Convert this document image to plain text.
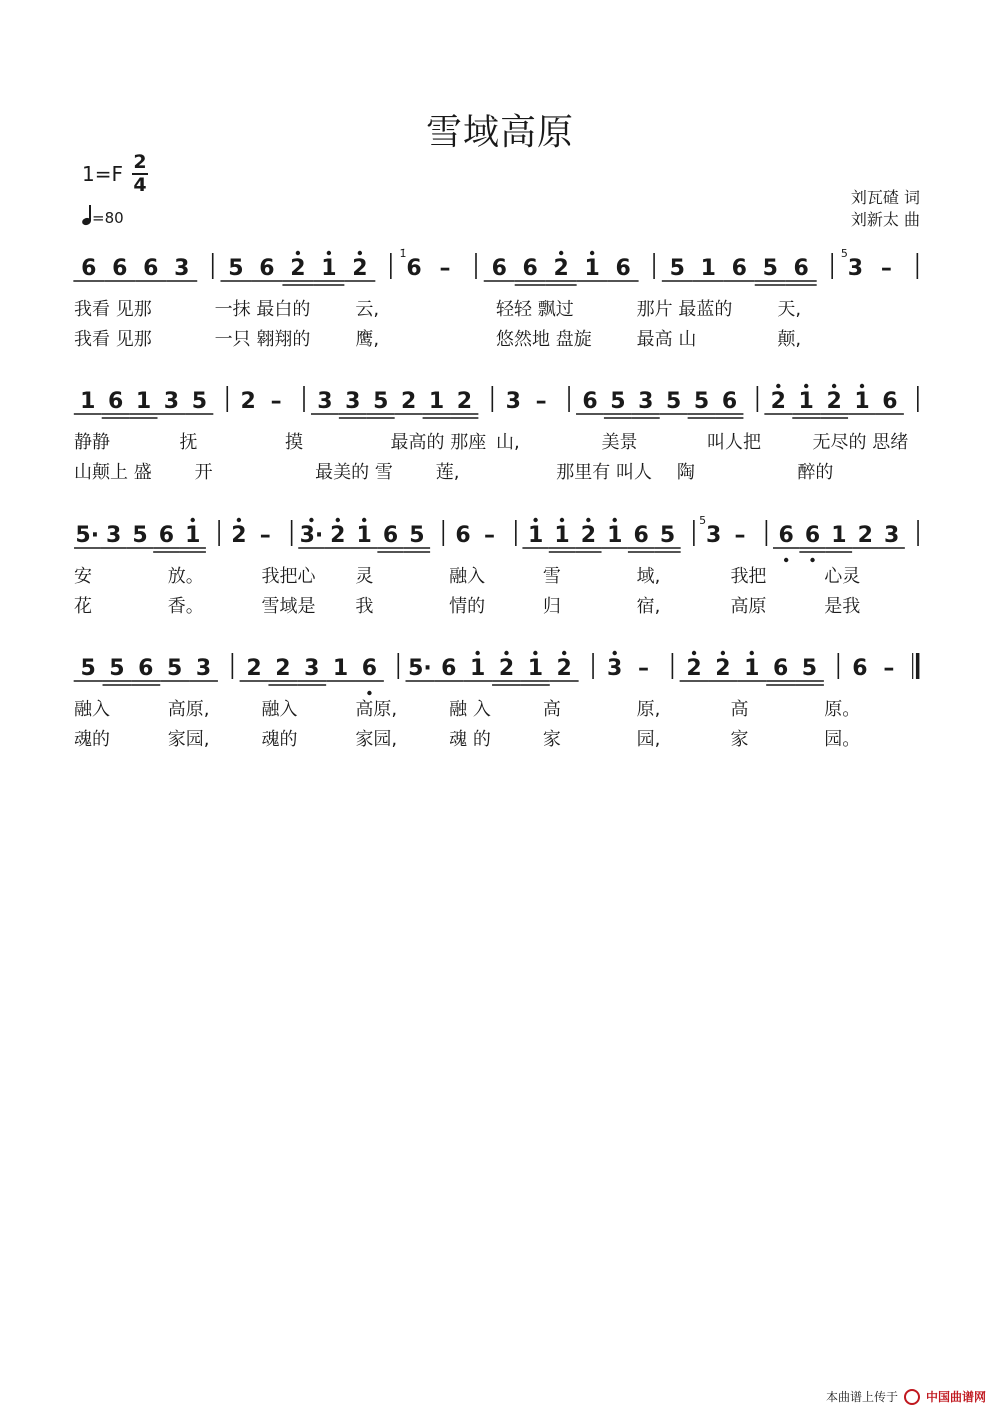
雪域高原
1=F 2
4
=80
刘瓦碴 词
刘新太 曲
6 6 6 3 5 6 2 1 2 6
1̇
– 6 6 2 1 6 5 1 6 5 6 3
5
–
1 6 1 3 5 2 – 3 3 5 2 1 2 3 – 6 5 3 5 5 6 2 1 2 1 6
5· 3 5 6 1 2 – 3· 2 1 6 5 6 – 1 1 2 1 6 5 3
5
– 6 6 1 2 3
5 5 6 5 3 2 2 3 1 6 5· 6 1 2 1 2 3 – 2 2 1 6 5 6 –
我看 见那	一抹 最白的 云,	轻轻 飘过	那片 最蓝的 天,
我看 见那	一只 翱翔的 鹰,	悠然地 盘旋 最高 山	颠,
静静	抚	摸	最高的 那座 山,	美景	叫人把	无尽的 思绪
山颠上 盛 开	最美的 雪 莲,	那里有 叫人 陶	醉的
安	放。	我把心 灵	融入	雪	域,	我把	心灵
花	香。	雪域是 我	情的	归	宿,	高原	是我
融入	高原,	融入	高原,	融 入	高	原,	高	原。
魂的	家园,	魂的	家园,	魂 的	家	园,	家	园。
本曲谱上传于 中国曲谱网
